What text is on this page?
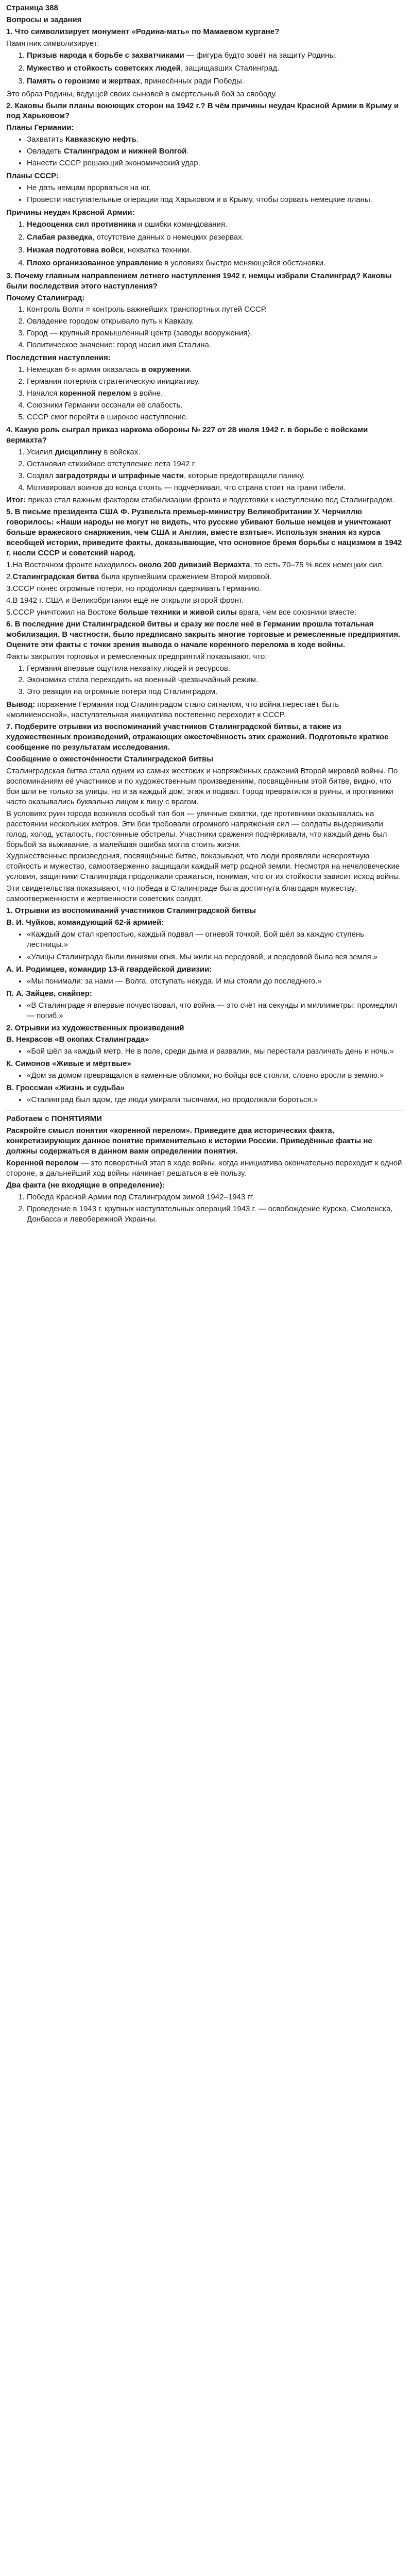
Страница 388

Вопросы и задания

1. Что символизирует монумент «Родина-мать» по Мамаевом кургане?

Памятник символизирует:

1. Призыв народа к борьбе с захватчиками — фигура будто зовёт на защиту Родины.
2. Мужество и стойкость советских людей, защищавших Сталинград.
3. Память о героизме и жертвах, принесённых ради Победы.

Это образ Родины, ведущей своих сыновей в смертельный бой за свободу.

2. Каковы были планы воюющих сторон на 1942 г.? В чём причины неудач Красной Армии в Крыму и под Харьковом?

Планы Германии:

• Захватить Кавказскую нефть.
• Овладеть Сталинградом и нижней Волгой.
• Нанести СССР решающий экономический удар.

Планы СССР:

• Не дать немцам прорваться на юг.
• Провести наступательные операции под Харьковом и в Крыму, чтобы сорвать немецкие планы.

Причины неудач Красной Армии:

1. Недооценка сил противника и ошибки командования.
2. Слабая разведка, отсутствие данных о немецких резервах.
3. Низкая подготовка войск, нехватка техники.
4. Плохо организованное управление в условиях быстро меняющейся обстановки.

3. Почему главным направлением летнего наступления 1942 г. немцы избрали Сталинград? Каковы были последствия этого наступления?

Почему Сталинград:

1. Контроль Волги = контроль важнейших транспортных путей СССР.
2. Овладение городом открывало путь к Кавказу.
3. Город — крупный промышленный центр (заводы вооружения).
4. Политическое значение: город носил имя Сталина.

Последствия наступления:

1. Немецкая 6-я армия оказалась в окружении.
2. Германия потеряла стратегическую инициативу.
3. Начался коренной перелом в войне.
4. Союзники Германии осознали её слабость.
5. СССР смог перейти в широкое наступление.

4. Какую роль сыграл приказ наркома обороны № 227 от 28 июля 1942 г. в борьбе с войсками вермахта?

1. Усилил дисциплину в войсках.
2. Остановил стихийное отступление лета 1942 г.
3. Создал заградотряды и штрафные части, которые предотвращали панику.
4. Мотивировал воинов до конца стоять — подчёркивал, что страна стоит на грани гибели.

Итог: приказ стал важным фактором стабилизации фронта и подготовки к наступлению под Сталинградом.

5. В письме президента США Ф. Рузвельта премьер-министру Великобритании У. Черчиллю говорилось: «Наши народы не могут не видеть, что русские убивают больше немцев и уничтожают больше вражеского снаряжения, чем США и Англия, вместе взятые». Используя знания из курса всеобщей истории, приведите факты, доказывающие, что основное бремя борьбы с нацизмом в 1942 г. несли СССР и советский народ.

1.На Восточном фронте находилось около 200 дивизий Вермахта, то есть 70–75 % всех немецких сил.

2.Сталинградская битва была крупнейшим сражением Второй мировой.

3.СССР понёс огромные потери, но продолжал сдерживать Германию.

4.В 1942 г. США и Великобритания ещё не открыли второй фронт.

5.СССР уничтожил на Востоке больше техники и живой силы врага, чем все союзники вместе.

6. В последние дни Сталинградской битвы и сразу же после неё в Германии прошла тотальная мобилизация. В частности, было предписано закрыть многие торговые и ремесленные предприятия. Оцените эти факты с точки зрения вывода о начале коренного перелома в ходе войны.

Факты закрытия торговых и ремесленных предприятий показывают, что:

1. Германия впервые ощутила нехватку людей и ресурсов.
2. Экономика стала переходить на военный чрезвычайный режим.
3. Это реакция на огромные потери под Сталинградом.

Вывод: поражение Германии под Сталинградом стало сигналом, что война перестаёт быть «молниеносной», наступательная инициатива постепенно переходит к СССР.

7. Подберите отрывки из воспоминаний участников Сталинградской битвы, а также из художественных произведений, отражающих ожесточённость этих сражений. Подготовьте краткое сообщение по результатам исследования.

Сообщение о ожесточённости Сталинградской битвы

Сталинградская битва стала одним из самых жестоких и напряжённых сражений Второй мировой войны. По воспоминаниям её участников и по художественным произведениям, посвящённым этой битве, видно, что бои шли не только за улицы, но и за каждый дом, этаж и подвал. Город превратился в руины, и противники часто оказывались буквально лицом к лицу с врагом.

В условиях руин города возникла особый тип боя — уличные схватки, где противники оказывались на расстоянии нескольких метров. Эти бои требовали огромного напряжения сил — солдаты выдерживали голод, холод, усталость, постоянные обстрелы. Участники сражения подчёркивали, что каждый день был борьбой за выживание, а малейшая ошибка могла стоить жизни.

Художественные произведения, посвящённые битве, показывают, что люди проявляли невероятную стойкость и мужество, самоотверженно защищали каждый метр родной земли. Несмотря на нечеловеческие условия, защитники Сталинграда продолжали сражаться, понимая, что от их стойкости зависит исход войны.

Эти свидетельства показывают, что победа в Сталинграде была достигнута благодаря мужеству, самоотверженности и жертвенности советских солдат.

1. Отрывки из воспоминаний участников Сталинградской битвы

В. И. Чуйков, командующий 62-й армией:

• «Каждый дом стал крепостью, каждый подвал — огневой точкой. Бой шёл за каждую ступень лестницы.»
• «Улицы Сталинграда были линиями огня. Мы жили на передовой, и передовой была вся земля.»

А. И. Родимцев, командир 13-й гвардейской дивизии:

• «Мы понимали: за нами — Волга, отступать некуда. И мы стояли до последнего.»

П. А. Зайцев, снайпер:

• «В Сталинграде я впервые почувствовал, что война — это счёт на секунды и миллиметры: промедлил — погиб.»

2. Отрывки из художественных произведений

В. Некрасов «В окопах Сталинграда»

• «Бой шёл за каждый метр. Не в поле, среди дыма и развалин, мы перестали различать день и ночь.»

К. Симонов «Живые и мёртвые»

• «Дом за домом превращался в каменные обломки, но бойцы всё стояли, словно вросли в землю.»

В. Гроссман «Жизнь и судьба»

• «Сталинград был адом, где люди умирали тысячами, но продолжали бороться.»

Работаем с ПОНЯТИЯМИ

Раскройте смысл понятия «коренной перелом». Приведите два исторических факта, конкретизирующих данное понятие применительно к истории России. Приведённые факты не должны содержаться в данном вами определении понятия.

Коренной перелом — это поворотный этап в ходе войны, когда инициатива окончательно переходит к одной стороне, а дальнейший ход войны начинает решаться в её пользу.

Два факта (не входящие в определение):

1. Победа Красной Армии под Сталинградом зимой 1942–1943 гг.
2. Проведение в 1943 г. крупных наступательных операций 1943 г. — освобождение Курска, Смоленска, Донбасса и левобережной Украины.
